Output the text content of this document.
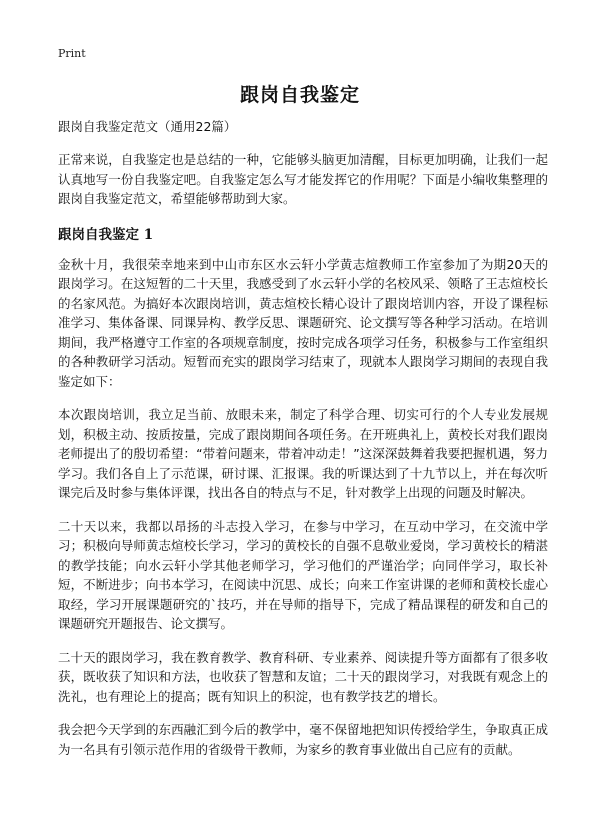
Print
跟岗自我鉴定
跟岗自我鉴定范文（通用22篇）
正常来说，自我鉴定也是总结的一种，它能够头脑更加清醒，目标更加明确，让我们一起认真地写一份自我鉴定吧。自我鉴定怎么写才能发挥它的作用呢？下面是小编收集整理的跟岗自我鉴定范文，希望能够帮助到大家。
跟岗自我鉴定 1
金秋十月，我很荣幸地来到中山市东区水云轩小学黄志煊教师工作室参加了为期20天的跟岗学习。在这短暂的二十天里，我感受到了水云轩小学的名校风采、领略了王志煊校长的名家风范。为搞好本次跟岗培训，黄志煊校长精心设计了跟岗培训内容，开设了课程标准学习、集体备课、同课异构、教学反思、课题研究、论文撰写等各种学习活动。在培训期间，我严格遵守工作室的各项规章制度，按时完成各项学习任务，积极参与工作室组织的各种教研学习活动。短暂而充实的跟岗学习结束了，现就本人跟岗学习期间的表现自我鉴定如下：
本次跟岗培训，我立足当前、放眼未来，制定了科学合理、切实可行的个人专业发展规划，积极主动、按质按量，完成了跟岗期间各项任务。在开班典礼上，黄校长对我们跟岗老师提出了的殷切希望：“带着问题来，带着冲动走！”这深深鼓舞着我要把握机遇，努力学习。我们各自上了示范课，研讨课、汇报课。我的听课达到了十九节以上，并在每次听课完后及时参与集体评课，找出各自的特点与不足，针对教学上出现的问题及时解决。
二十天以来，我都以昂扬的斗志投入学习，在参与中学习，在互动中学习，在交流中学习；积极向导师黄志煊校长学习，学习的黄校长的自强不息敬业爱岗，学习黄校长的精湛的教学技能；向水云轩小学其他老师学习，学习他们的严谨治学；向同伴学习，取长补短，不断进步；向书本学习，在阅读中沉思、成长；向来工作室讲课的老师和黄校长虚心取经，学习开展课题研究的`技巧，并在导师的指导下，完成了精品课程的研发和自己的课题研究开题报告、论文撰写。
二十天的跟岗学习，我在教育教学、教育科研、专业素养、阅读提升等方面都有了很多收获，既收获了知识和方法，也收获了智慧和友谊；二十天的跟岗学习，对我既有观念上的洗礼，也有理论上的提高；既有知识上的积淀，也有教学技艺的增长。
我会把今天学到的东西融汇到今后的教学中，毫不保留地把知识传授给学生，争取真正成为一名具有引领示范作用的省级骨干教师，为家乡的教育事业做出自己应有的贡献。
